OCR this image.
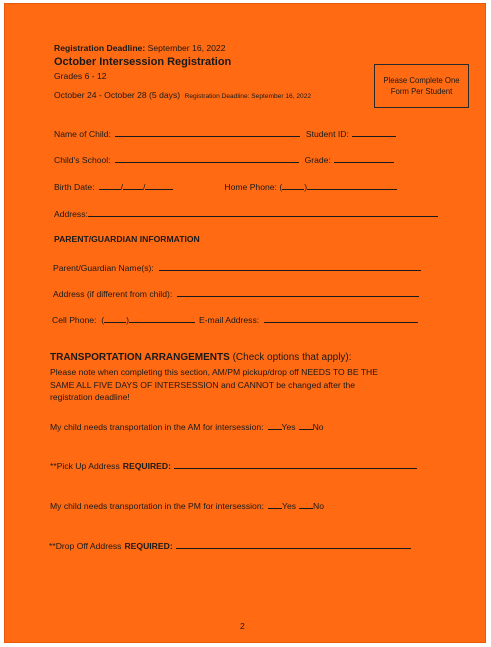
Registration Deadline: September 16, 2022
October Intersession Registration
Grades 6 - 12
October 24 - October 28 (5 days) Registration Deadline: September 16, 2022
Please Complete One
Form Per Student
Name of Child:	Student ID:
Child's School:	Grade:
Birth Date:	/ /	Home Phone: (	)
Address:
PARENT/GUARDIAN INFORMATION
Parent/Guardian Name(s):
Address (if different from child):
Cell Phone:  (	)	E-mail Address:
TRANSPORTATION ARRANGEMENTS (Check options that apply):
Please note when completing this section, AM/PM pickup/drop off NEEDS TO BE THE
SAME ALL FIVE DAYS OF INTERSESSION and CANNOT be changed after the
registration deadline!
My child needs transportation in the AM for intersession: Yes No
**Pick Up Address REQUIRED:
My child needs transportation in the PM for intersession: Yes No
**Drop Off Address REQUIRED:
2
